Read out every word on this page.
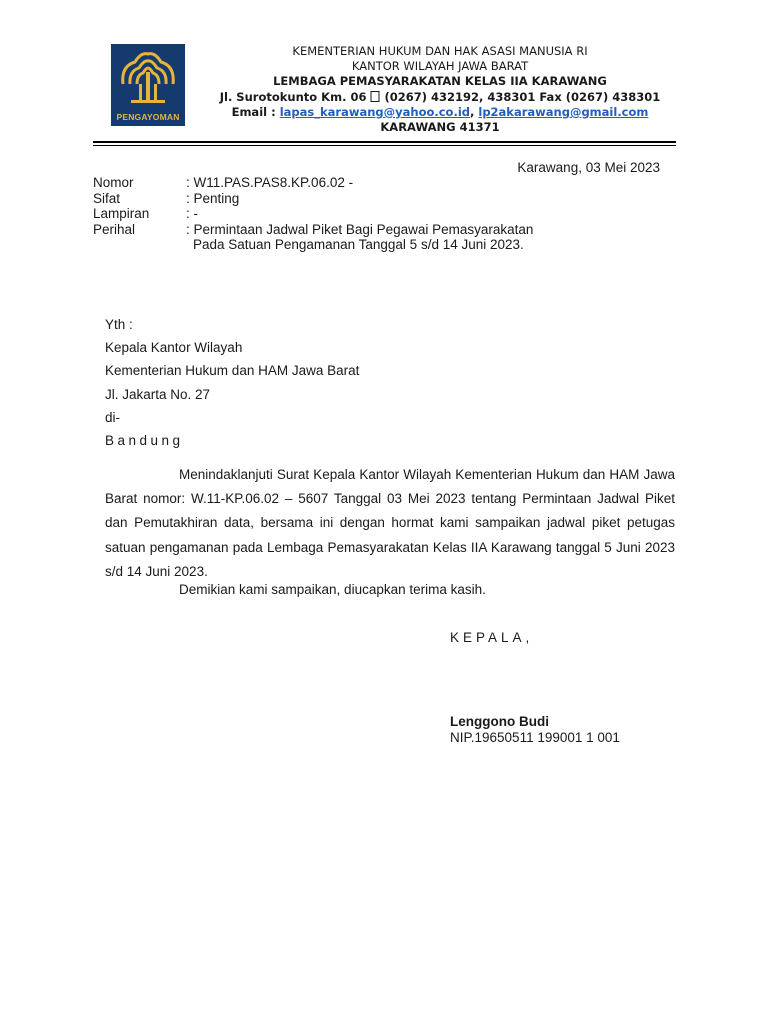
PENGAYOMAN
KEMENTERIAN HUKUM DAN HAK ASASI MANUSIA RI
KANTOR WILAYAH JAWA BARAT
LEMBAGA PEMASYARAKATAN KELAS IIA KARAWANG
Jl. Surotokunto Km. 06  (0267) 432192, 438301 Fax (0267) 438301
Email : lapas_karawang@yahoo.co.id, lp2akarawang@gmail.com
KARAWANG 41371
Karawang, 03 Mei 2023
Nomor	: W11.PAS.PAS8.KP.06.02 -
Sifat	: Penting
Lampiran	: -
Perihal	: Permintaan Jadwal Piket Bagi Pegawai Pemasyarakatan
Pada Satuan Pengamanan Tanggal 5 s/d 14 Juni 2023.
Yth :
Kepala Kantor Wilayah
Kementerian Hukum dan HAM Jawa Barat
Jl. Jakarta No. 27
di-
Bandung

Menindaklanjuti Surat Kepala Kantor Wilayah Kementerian Hukum dan HAM Jawa Barat nomor: W.11-KP.06.02 – 5607 Tanggal 03 Mei 2023 tentang Permintaan Jadwal Piket dan Pemutakhiran data, bersama ini dengan hormat kami sampaikan jadwal piket petugas satuan pengamanan pada Lembaga Pemasyarakatan Kelas IIA Karawang tanggal 5 Juni 2023 s/d 14 Juni 2023.

Demikian kami sampaikan, diucapkan terima kasih.
KEPALA,
Lenggono Budi
NIP.19650511 199001 1 001
